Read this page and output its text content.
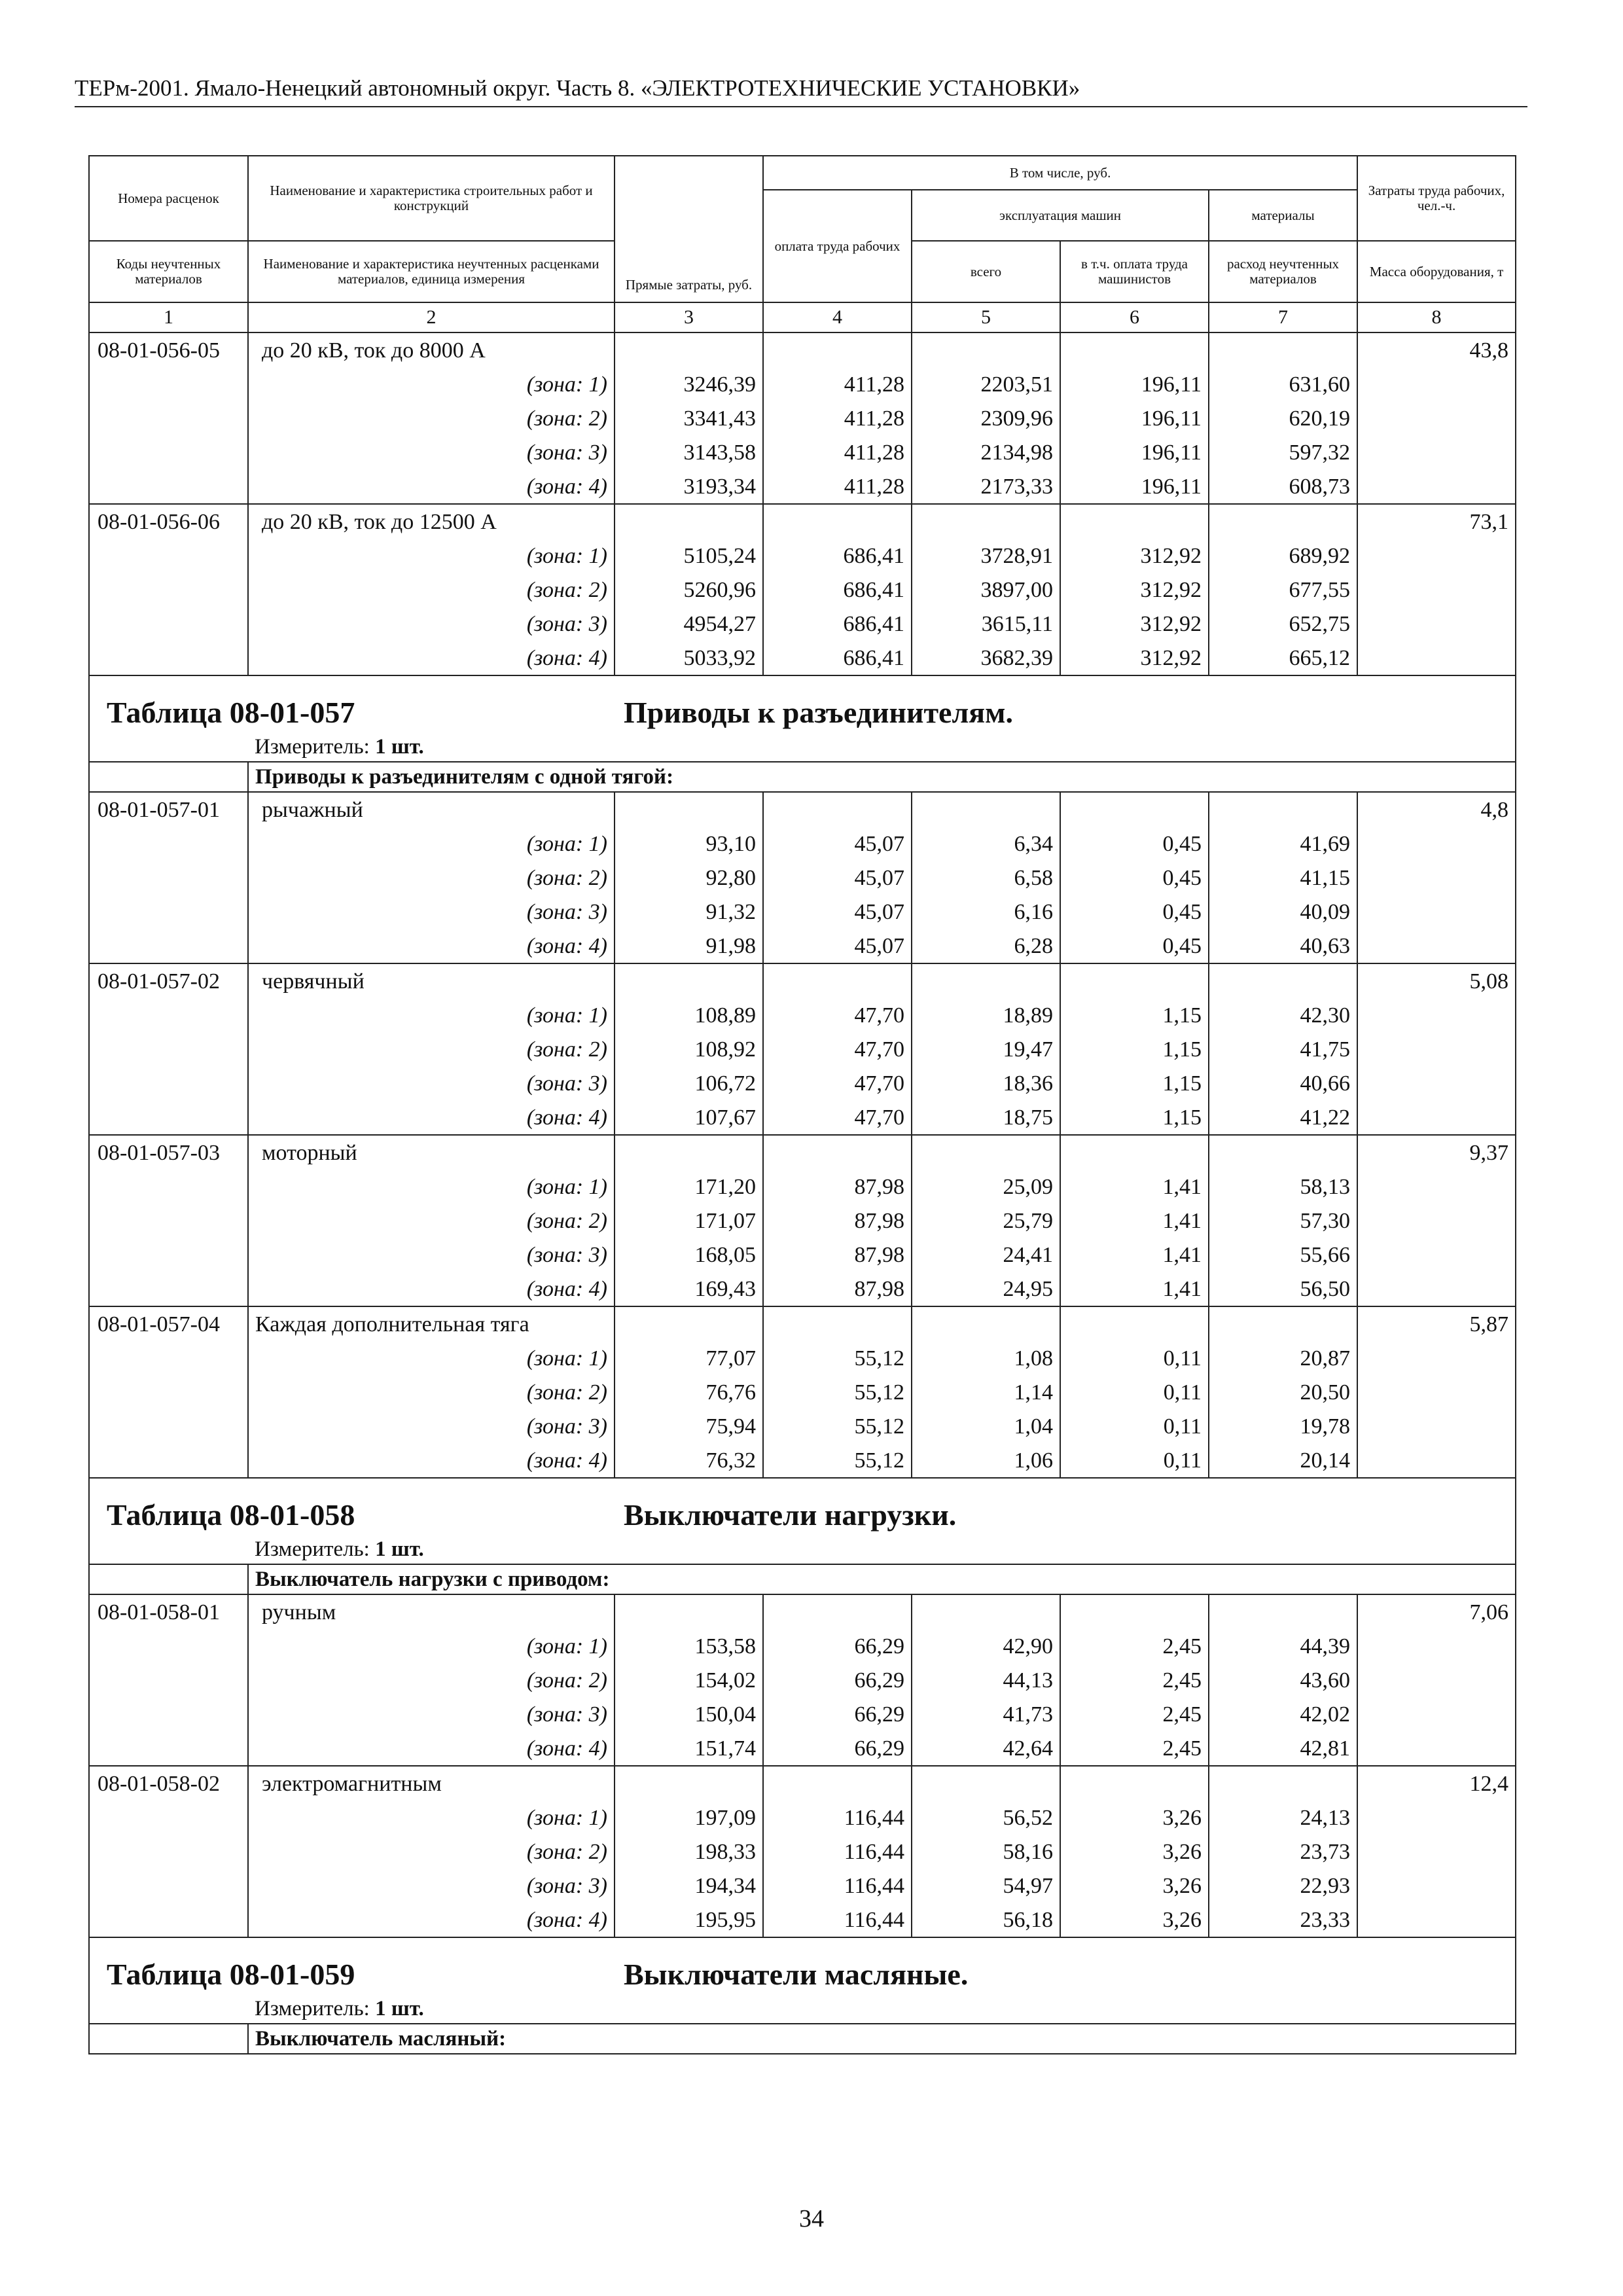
ТЕРм-2001. Ямало-Ненецкий автономный округ. Часть 8. «ЭЛЕКТРОТЕХНИЧЕСКИЕ УСТАНОВКИ»
Номера расценок	Наименование и характеристика строительных работ и конструкций	Прямые затраты, руб.	В том числе, руб.				Затраты труда рабочих, чел.-ч.
			оплата труда рабочих	эксплуатация машин		материалы	
Коды неучтенных материалов	Наименование и характеристика неучтенных расценками материалов, единица измерения			всего	в т.ч. оплата труда машинистов	расход неучтенных материалов	Масса оборудования, т
1	2	3	4	5	6	7	8
08-01-056-05	до 20 кВ, ток до 8000 А						43,8
	(зона: 1)	3246,39	411,28	2203,51	196,11	631,60	
	(зона: 2)	3341,43	411,28	2309,96	196,11	620,19	
	(зона: 3)	3143,58	411,28	2134,98	196,11	597,32	
	(зона: 4)	3193,34	411,28	2173,33	196,11	608,73	
08-01-056-06	до 20 кВ, ток до 12500 А						73,1
	(зона: 1)	5105,24	686,41	3728,91	312,92	689,92	
	(зона: 2)	5260,96	686,41	3897,00	312,92	677,55	
	(зона: 3)	4954,27	686,41	3615,11	312,92	652,75	
	(зона: 4)	5033,92	686,41	3682,39	312,92	665,12	
Таблица 08-01-057 Приводы к разъединителям.							
Измеритель: 1 шт.							
	Приводы к разъединителям с одной тягой:						
08-01-057-01	рычажный						4,8
	(зона: 1)	93,10	45,07	6,34	0,45	41,69	
	(зона: 2)	92,80	45,07	6,58	0,45	41,15	
	(зона: 3)	91,32	45,07	6,16	0,45	40,09	
	(зона: 4)	91,98	45,07	6,28	0,45	40,63	
08-01-057-02	червячный						5,08
	(зона: 1)	108,89	47,70	18,89	1,15	42,30	
	(зона: 2)	108,92	47,70	19,47	1,15	41,75	
	(зона: 3)	106,72	47,70	18,36	1,15	40,66	
	(зона: 4)	107,67	47,70	18,75	1,15	41,22	
08-01-057-03	моторный						9,37
	(зона: 1)	171,20	87,98	25,09	1,41	58,13	
	(зона: 2)	171,07	87,98	25,79	1,41	57,30	
	(зона: 3)	168,05	87,98	24,41	1,41	55,66	
	(зона: 4)	169,43	87,98	24,95	1,41	56,50	
08-01-057-04	Каждая дополнительная тяга						5,87
	(зона: 1)	77,07	55,12	1,08	0,11	20,87	
	(зона: 2)	76,76	55,12	1,14	0,11	20,50	
	(зона: 3)	75,94	55,12	1,04	0,11	19,78	
	(зона: 4)	76,32	55,12	1,06	0,11	20,14	
Таблица 08-01-058 Выключатели нагрузки.							
Измеритель: 1 шт.							
	Выключатель нагрузки с приводом:						
08-01-058-01	ручным						7,06
	(зона: 1)	153,58	66,29	42,90	2,45	44,39	
	(зона: 2)	154,02	66,29	44,13	2,45	43,60	
	(зона: 3)	150,04	66,29	41,73	2,45	42,02	
	(зона: 4)	151,74	66,29	42,64	2,45	42,81	
08-01-058-02	электромагнитным						12,4
	(зона: 1)	197,09	116,44	56,52	3,26	24,13	
	(зона: 2)	198,33	116,44	58,16	3,26	23,73	
	(зона: 3)	194,34	116,44	54,97	3,26	22,93	
	(зона: 4)	195,95	116,44	56,18	3,26	23,33	
Таблица 08-01-059 Выключатели масляные.							
Измеритель: 1 шт.							
	Выключатель масляный:						
34
